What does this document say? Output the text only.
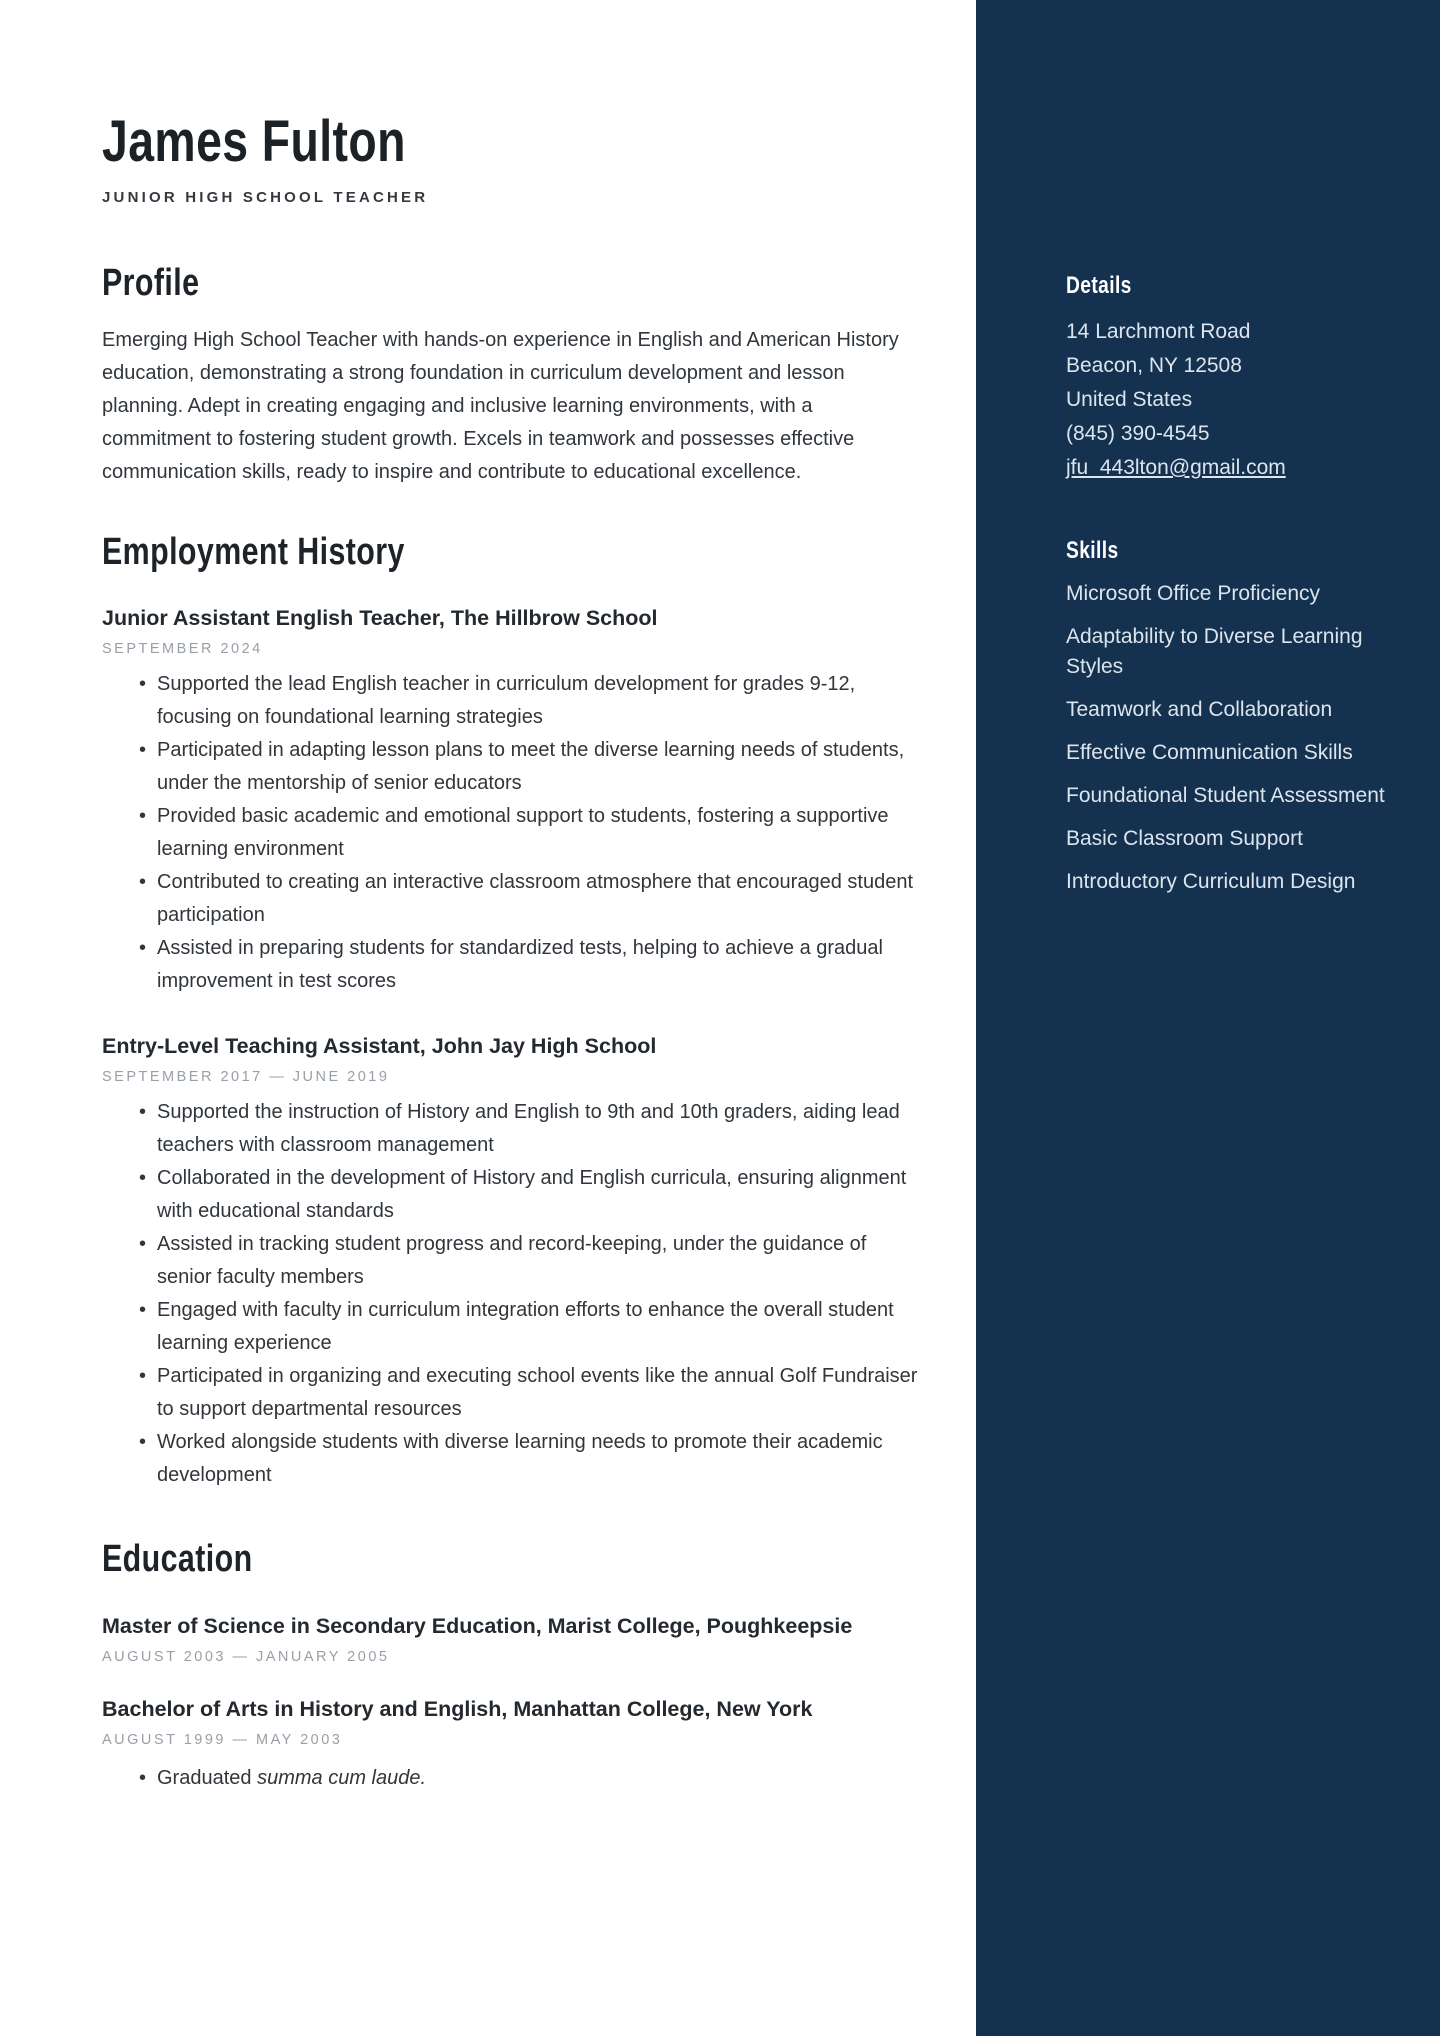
James Fulton
JUNIOR HIGH SCHOOL TEACHER
Profile

Emerging High School Teacher with hands-on experience in English and American History education, demonstrating a strong foundation in curriculum development and lesson planning. Adept in creating engaging and inclusive learning environments, with a commitment to fostering student growth. Excels in teamwork and possesses effective communication skills, ready to inspire and contribute to educational excellence.

Employment History
Junior Assistant English Teacher, The Hillbrow School
SEPTEMBER 2024
• Supported the lead English teacher in curriculum development for grades 9-12, focusing on foundational learning strategies
• Participated in adapting lesson plans to meet the diverse learning needs of students, under the mentorship of senior educators
• Provided basic academic and emotional support to students, fostering a supportive learning environment
• Contributed to creating an interactive classroom atmosphere that encouraged student participation
• Assisted in preparing students for standardized tests, helping to achieve a gradual improvement in test scores
Entry-Level Teaching Assistant, John Jay High School
SEPTEMBER 2017 — JUNE 2019
• Supported the instruction of History and English to 9th and 10th graders, aiding lead teachers with classroom management
• Collaborated in the development of History and English curricula, ensuring alignment with educational standards
• Assisted in tracking student progress and record-keeping, under the guidance of senior faculty members
• Engaged with faculty in curriculum integration efforts to enhance the overall student learning experience
• Participated in organizing and executing school events like the annual Golf Fundraiser to support departmental resources
• Worked alongside students with diverse learning needs to promote their academic development
Education
Master of Science in Secondary Education, Marist College, Poughkeepsie
AUGUST 2003 — JANUARY 2005
Bachelor of Arts in History and English, Manhattan College, New York
AUGUST 1999 — MAY 2003
• Graduated summa cum laude.
Details
14 Larchmont Road
Beacon, NY 12508
United States
(845) 390-4545
jfu_443lton@gmail.com
Skills
Microsoft Office Proficiency
Adaptability to Diverse Learning Styles
Teamwork and Collaboration
Effective Communication Skills
Foundational Student Assessment
Basic Classroom Support
Introductory Curriculum Design
